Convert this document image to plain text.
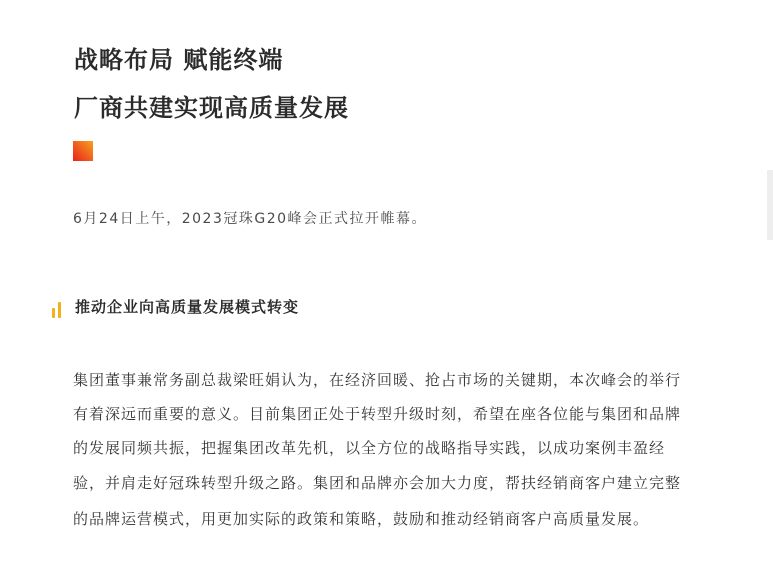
战略布局 赋能终端
厂商共建实现高质量发展
6月24日上午，2023冠珠G20峰会正式拉开帷幕。
推动企业向高质量发展模式转变
集团董事兼常务副总裁梁旺娟认为，在经济回暖、抢占市场的关键期，本次峰会的举行
有着深远而重要的意义。目前集团正处于转型升级时刻，希望在座各位能与集团和品牌
的发展同频共振，把握集团改革先机，以全方位的战略指导实践，以成功案例丰盈经
验，并肩走好冠珠转型升级之路。集团和品牌亦会加大力度，帮扶经销商客户建立完整
的品牌运营模式，用更加实际的政策和策略，鼓励和推动经销商客户高质量发展。
